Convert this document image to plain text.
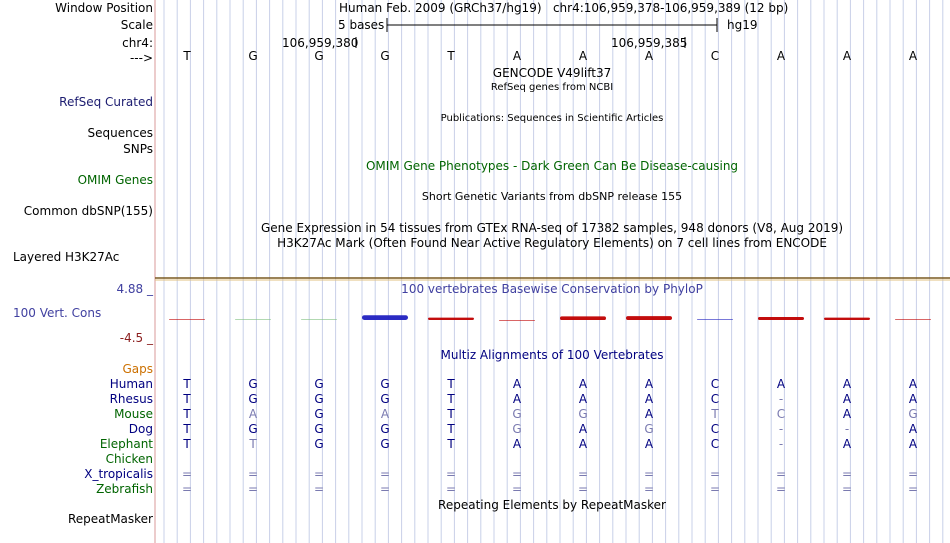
Window Position
Scale
chr4:
--->
RefSeq Curated
Sequences
SNPs
OMIM Genes
Common dbSNP(155)
Layered H3K27Ac
4.88 _
100 Vert. Cons
-4.5 _
Gaps
RepeatMasker
Human Feb. 2009 (GRCh37/hg19)   chr4:106,959,378-106,959,389 (12 bp)
5 bases	hg19
106,959,380	106,959,385
T	G	G	G	T	A	A	A	C	A	A	A
GENCODE V49lift37
RefSeq genes from NCBI
Publications: Sequences in Scientific Articles
OMIM Gene Phenotypes - Dark Green Can Be Disease-causing
Short Genetic Variants from dbSNP release 155
Gene Expression in 54 tissues from GTEx RNA-seq of 17382 samples, 948 donors (V8, Aug 2019)
H3K27Ac Mark (Often Found Near Active Regulatory Elements) on 7 cell lines from ENCODE
100 vertebrates Basewise Conservation by PhyloP
Multiz Alignments of 100 Vertebrates
Repeating Elements by RepeatMasker
Human	T	G	G	G	T	A	A	A	C	A	A	A
Rhesus	T	G	G	G	T	A	A	A	C	-	A	A
Mouse	T	A	G	A	T	G	G	A	T	C	A	G
Dog	T	G	G	G	T	G	A	G	C	-	-	A
Elephant	T	T	G	G	T	A	A	A	C	-	A	A
Chicken
X_tropicalis =	=	=	=	=	=	=	=	=	=	=	=
Zebrafish =	=	=	=	=	=	=	=	=	=	=	=
